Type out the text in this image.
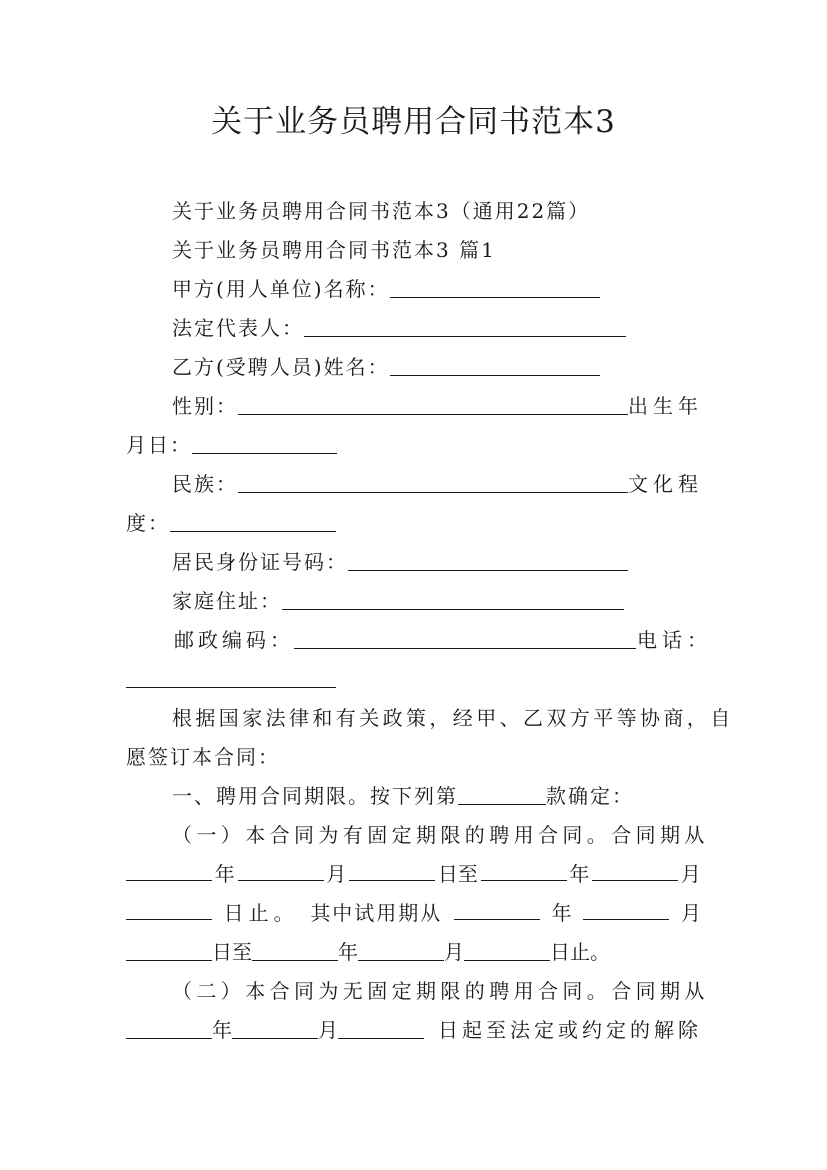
关于业务员聘用合同书范本3
关于业务员聘用合同书范本3（通用22篇）
关于业务员聘用合同书范本3 篇1
甲方(用人单位)名称：
法定代表人：
乙方(受聘人员)姓名：
性别：	出生年
月日：
民族：	文化程
度：
居民身份证号码：
家庭住址：
邮政编码：	电话：
根据国家法律和有关政策，经甲、乙双方平等协商，自
愿签订本合同：
一、聘用合同期限。按下列第	款确定：
（一）本合同为有固定期限的聘用合同。合同期从
年	月	日至	年	月
日止。 其中试用期从	年	月
日至	年	月	日止。
（二）本合同为无固定期限的聘用合同。合同期从
年	月	日起至法定或约定的解除
